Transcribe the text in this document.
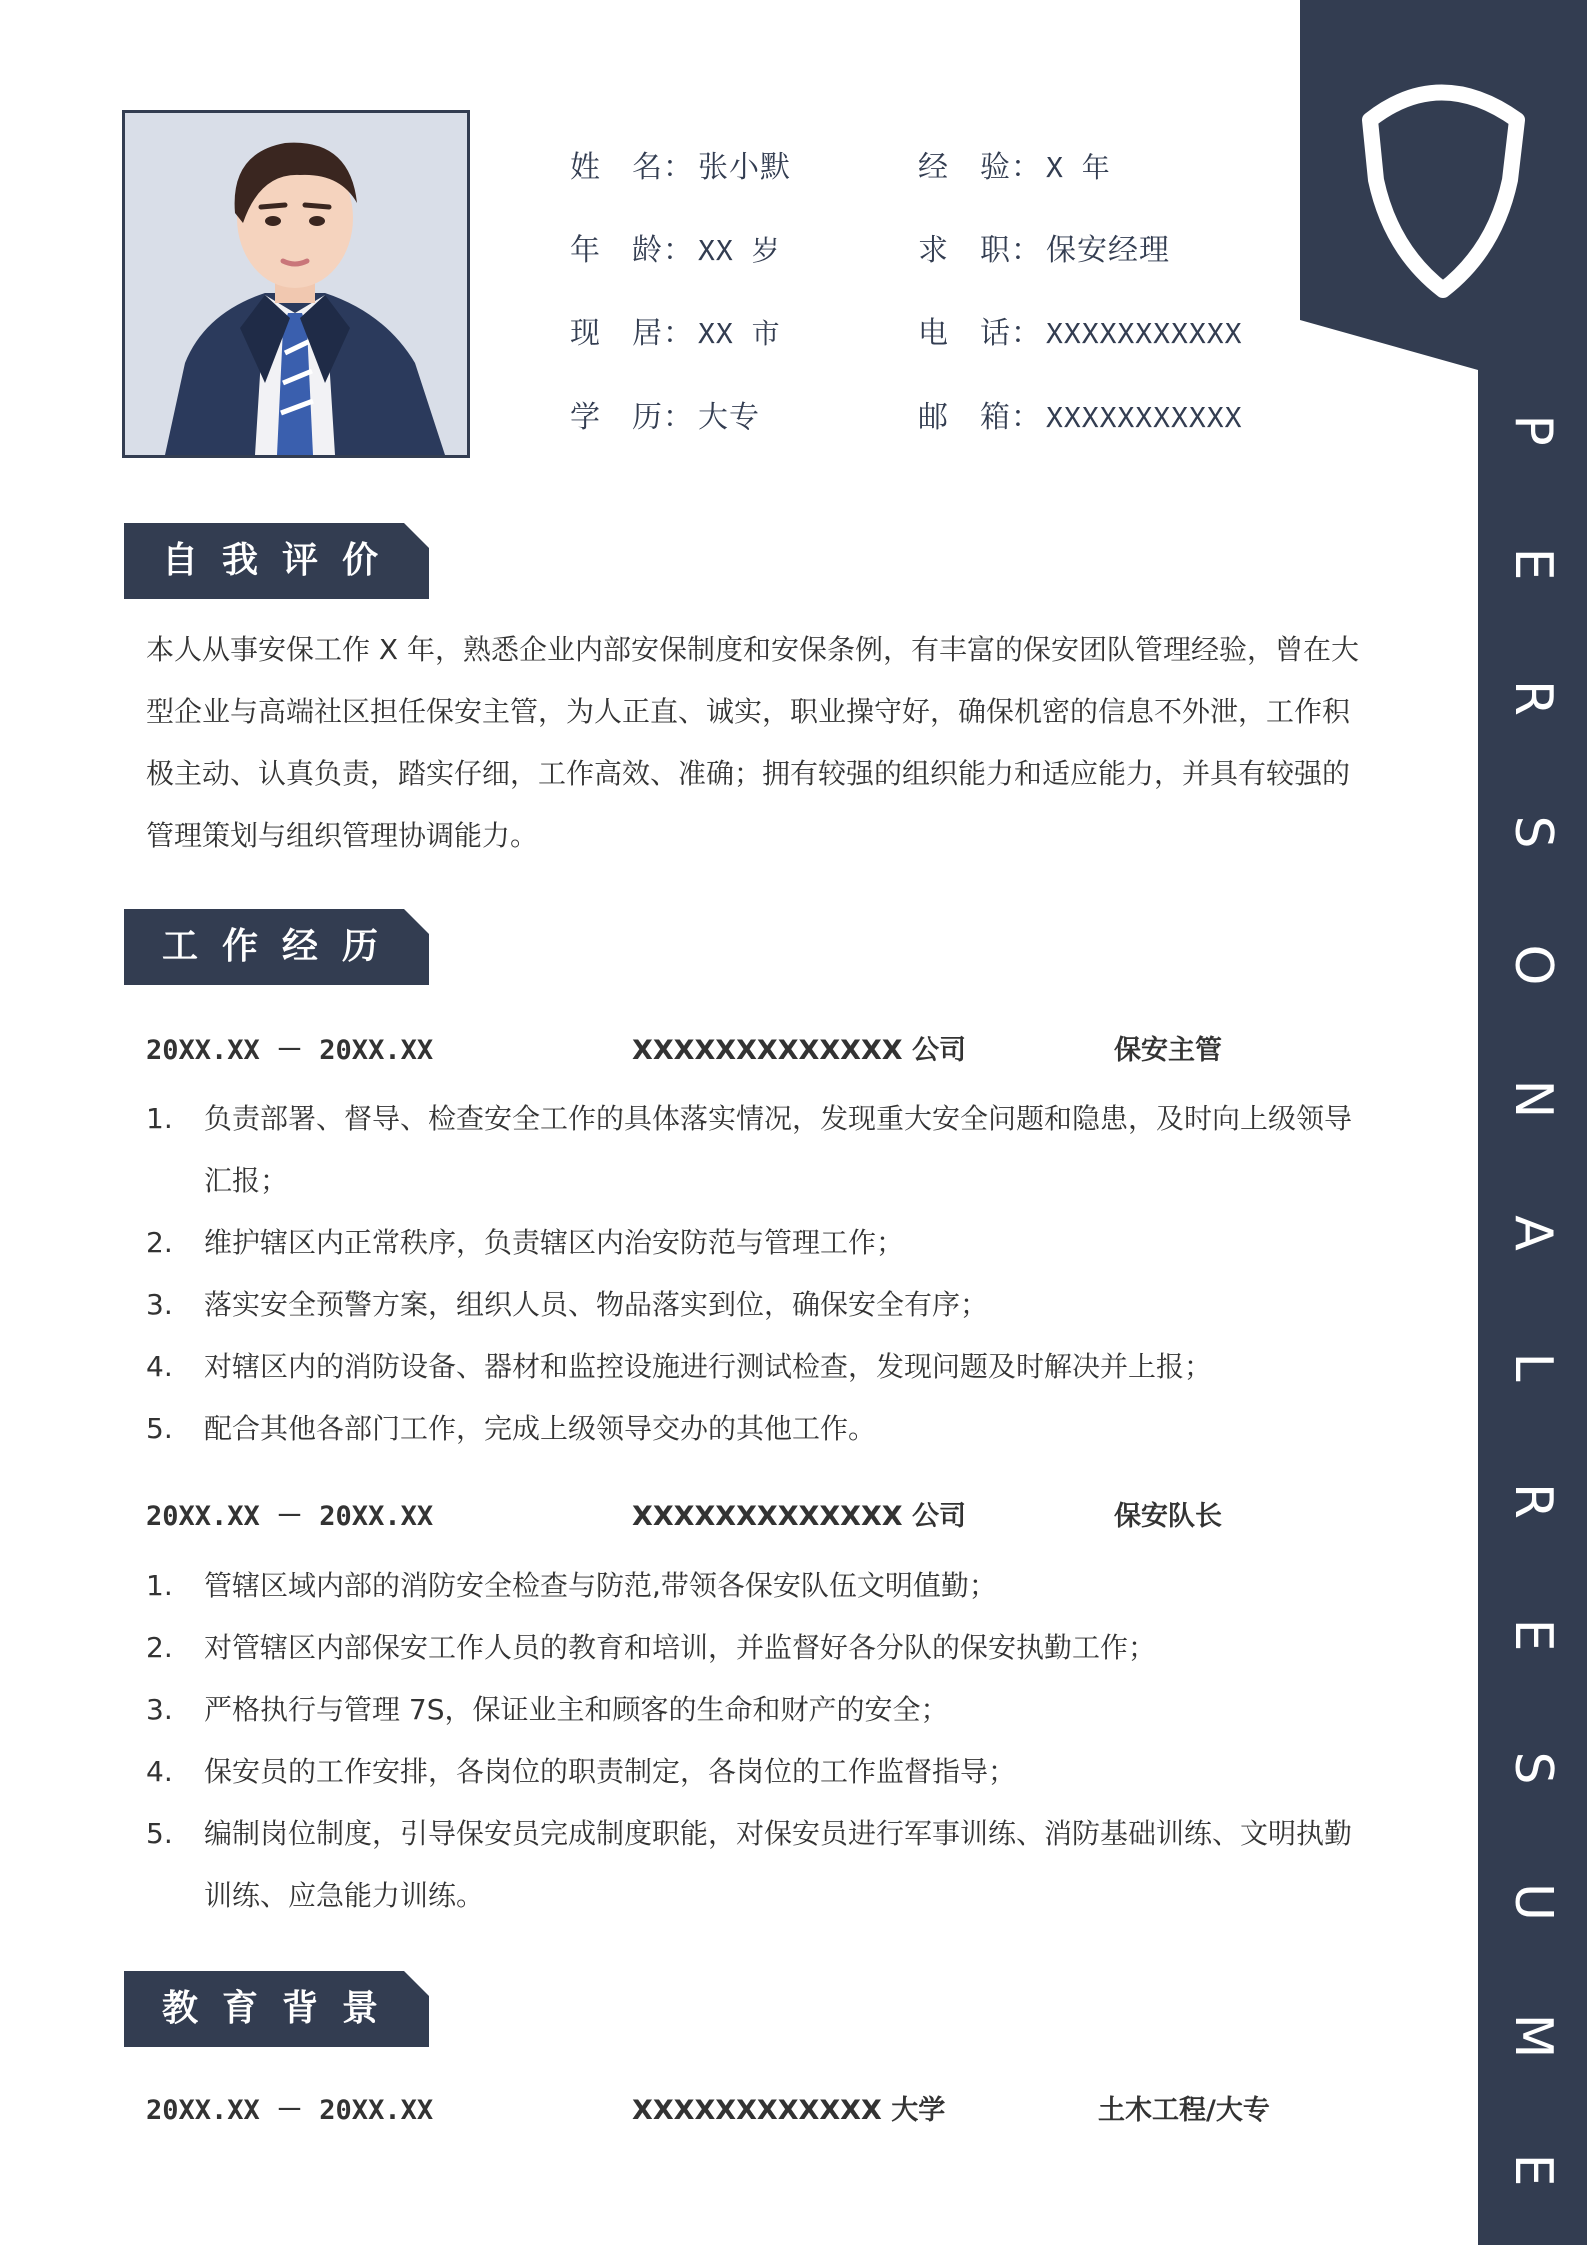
P
E
R
S
O
N
A
L
R
E
S
U
M
E
姓　名： 张小默	经　验： X 年
年　龄： XX 岁	求　职： 保安经理
现　居： XX 市	电　话： XXXXXXXXXXX
学　历： 大专	邮　箱： XXXXXXXXXXX
自我评价
本人从事安保工作 X 年，熟悉企业内部安保制度和安保条例，有丰富的保安团队管理经验，曾在大型企业与高端社区担任保安主管，为人正直、诚实，职业操守好，确保机密的信息不外泄，工作积极主动、认真负责，踏实仔细，工作高效、准确；拥有较强的组织能力和适应能力，并具有较强的管理策划与组织管理协调能力。
工作经历
20XX.XX － 20XX.XX	XXXXXXXXXXXXX 公司	保安主管
1. 负责部署、督导、检查安全工作的具体落实情况，发现重大安全问题和隐患，及时向上级领导汇报；
2. 维护辖区内正常秩序，负责辖区内治安防范与管理工作；
3. 落实安全预警方案，组织人员、物品落实到位，确保安全有序；
4. 对辖区内的消防设备、器材和监控设施进行测试检查，发现问题及时解决并上报；
5. 配合其他各部门工作，完成上级领导交办的其他工作。
20XX.XX － 20XX.XX	XXXXXXXXXXXXX 公司	保安队长
1. 管辖区域内部的消防安全检查与防范,带领各保安队伍文明值勤；
2. 对管辖区内部保安工作人员的教育和培训，并监督好各分队的保安执勤工作；
3. 严格执行与管理 7S，保证业主和顾客的生命和财产的安全；
4. 保安员的工作安排，各岗位的职责制定，各岗位的工作监督指导；
5. 编制岗位制度，引导保安员完成制度职能，对保安员进行军事训练、消防基础训练、文明执勤训练、应急能力训练。
教育背景
20XX.XX － 20XX.XX	XXXXXXXXXXXX 大学	土木工程/大专
